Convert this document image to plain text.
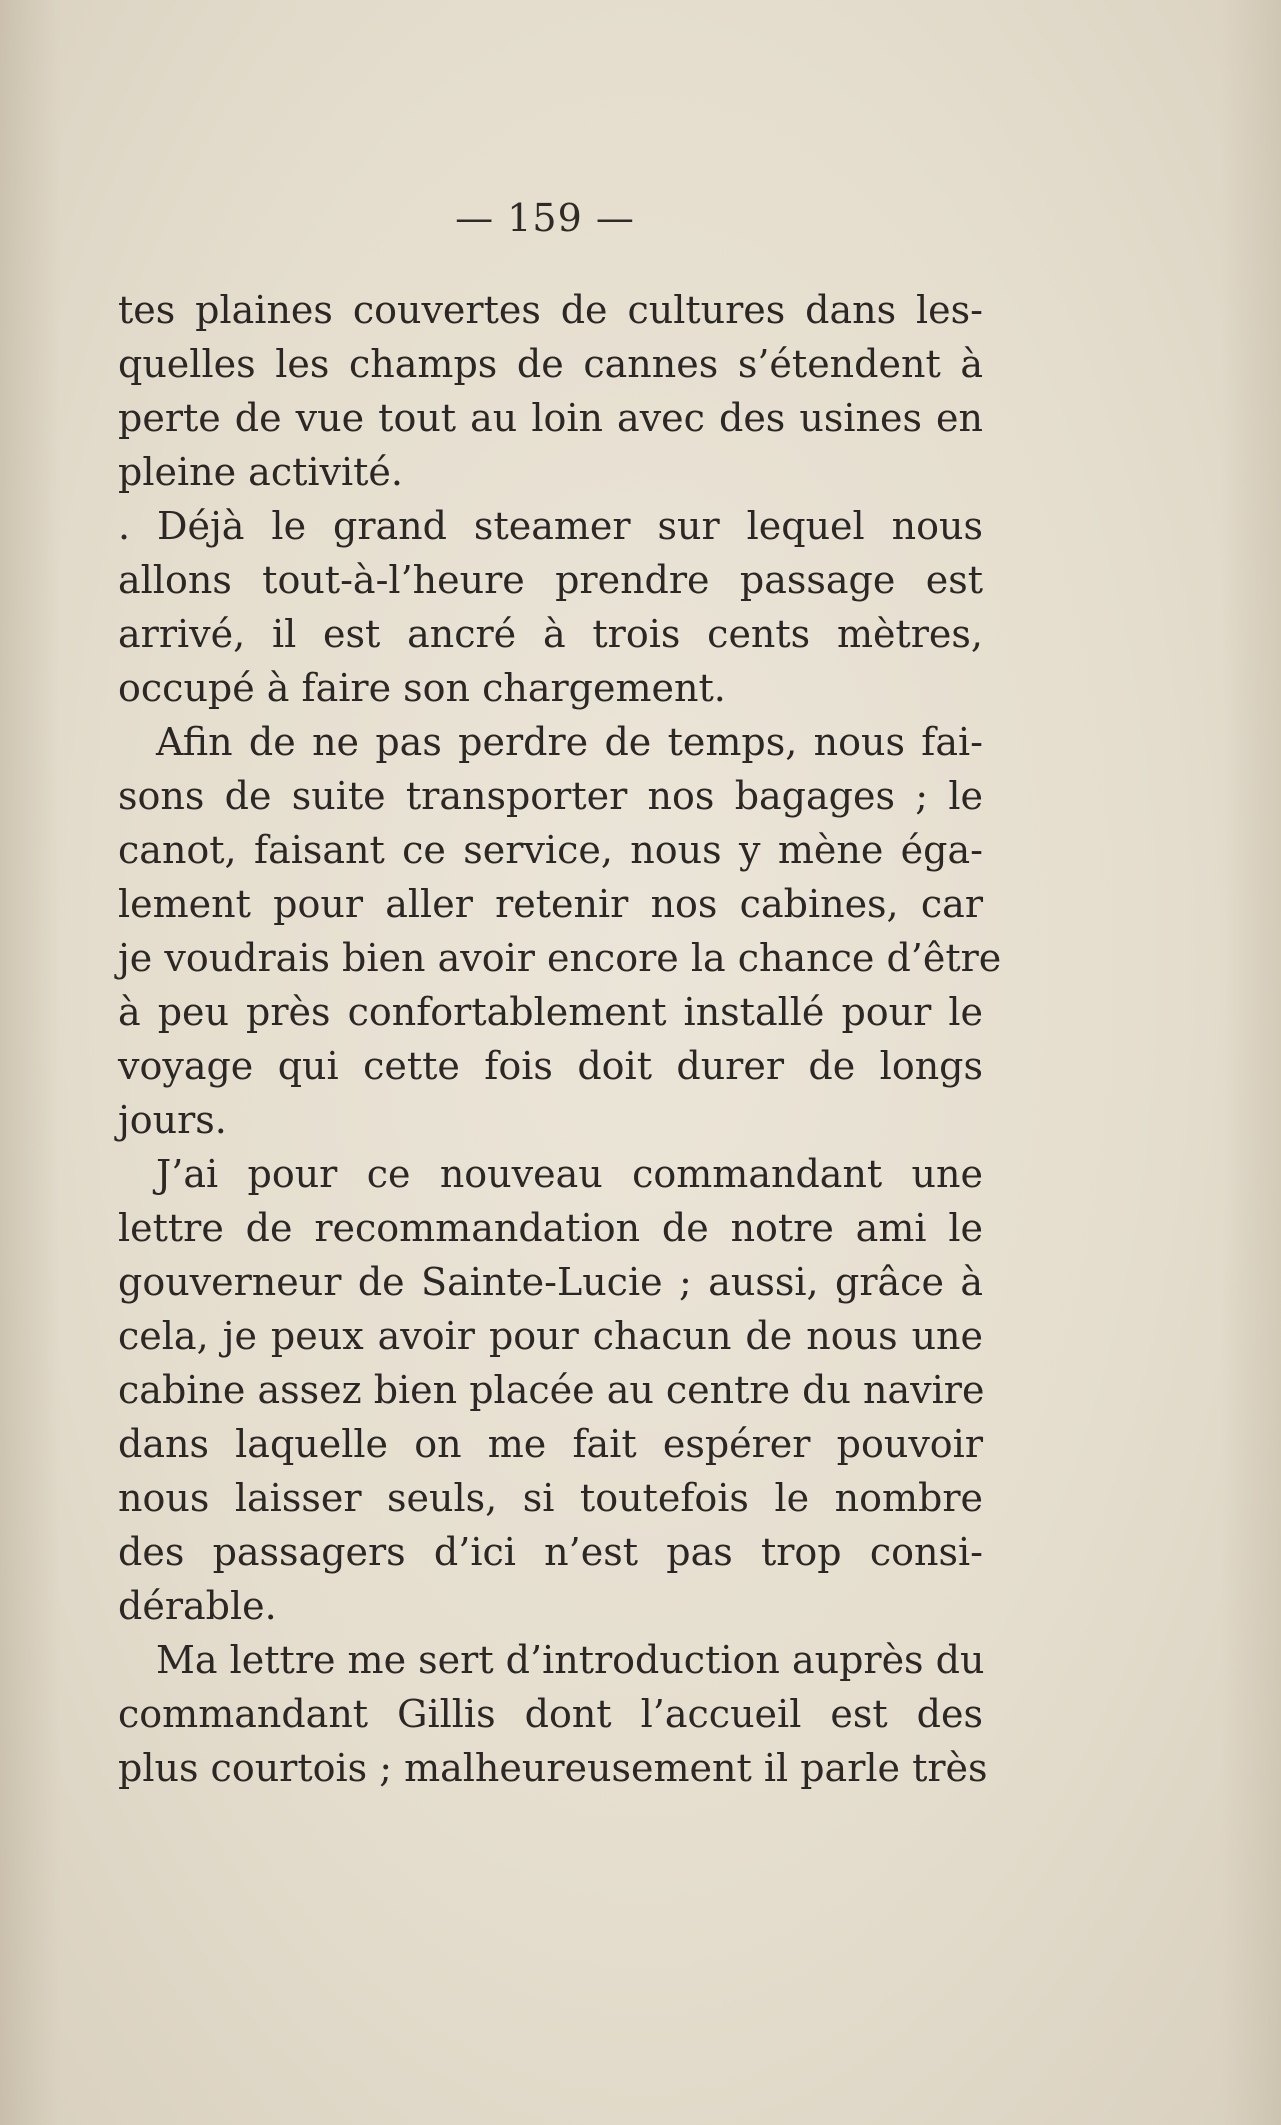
— 159 —
tes plaines couvertes de cultures dans les-
quelles les champs de cannes s’étendent à
perte de vue tout au loin avec des usines en
pleine activité.
. Déjà le grand steamer sur lequel nous
allons tout-à-l’heure prendre passage est
arrivé, il est ancré à trois cents mètres,
occupé à faire son chargement.
Afin de ne pas perdre de temps, nous fai-
sons de suite transporter nos bagages ; le
canot, faisant ce service, nous y mène éga-
lement pour aller retenir nos cabines, car
je voudrais bien avoir encore la chance d’être
à peu près confortablement installé pour le
voyage qui cette fois doit durer de longs
jours.
J’ai pour ce nouveau commandant une
lettre de recommandation de notre ami le
gouverneur de Sainte-Lucie ; aussi, grâce à
cela, je peux avoir pour chacun de nous une
cabine assez bien placée au centre du navire
dans laquelle on me fait espérer pouvoir
nous laisser seuls, si toutefois le nombre
des passagers d’ici n’est pas trop consi-
dérable.
Ma lettre me sert d’introduction auprès du
commandant Gillis dont l’accueil est des
plus courtois ; malheureusement il parle très
